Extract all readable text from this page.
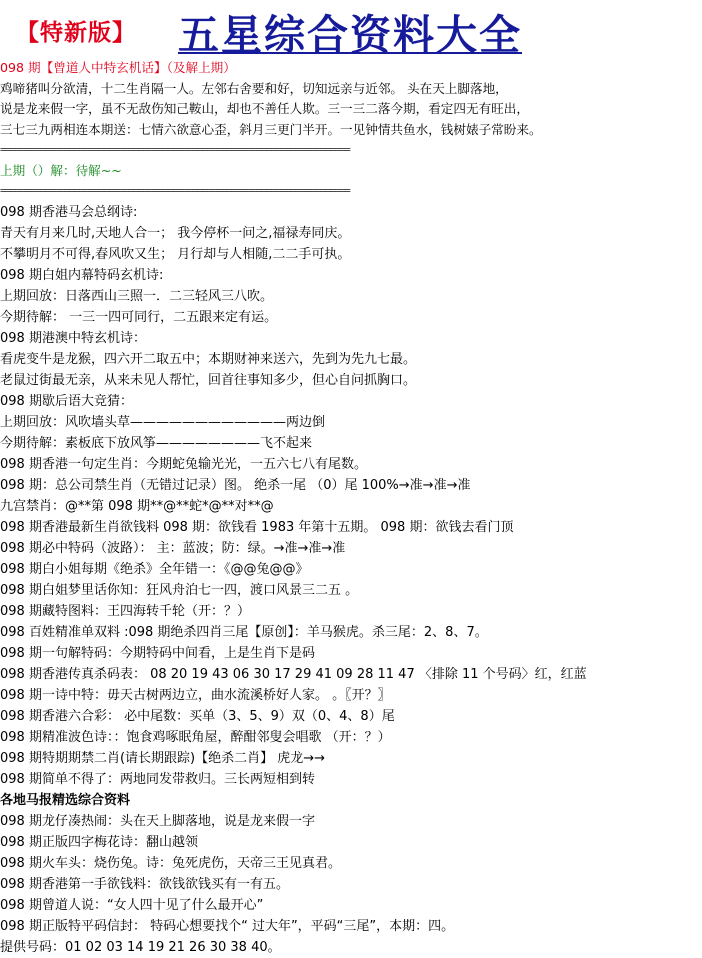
【特新版】 五星综合资料大全
098 期【曾道人中特玄机话】（及解上期）
鸡啼猪叫分欲清，十二生肖隔一人。左邻右舍要和好，切知远亲与近邻。 头在天上脚落地，
说是龙来假一字，虽不无敌伤知己鞍山，却也不善任人欺。三一三二落今期，看定四无有旺出，
三七三九两相连本期送：七情六欲意心歪，斜月三更门半开。一见钟情共鱼水，钱树婊子常盼来。
=======================================================================
上期（）解：待解~~
=======================================================================
098 期香港马会总纲诗:
青天有月来几时,天地人合一； 我今停杯一问之,福禄寿同庆。
不攀明月不可得,春风吹又生； 月行却与人相随,二二手可执。
098 期白姐内幕特码玄机诗:
上期回放：日落西山三照一．二三轻风三八吹。
今期待解： 一三一四可同行，二五跟来定有运。
098 期港澳中特玄机诗：
看虎变牛是龙猴，四六开二取五中；本期财神来送六，先到为先九七最。
老鼠过街最无亲，从来未见人帮忙，回首往事知多少，但心自问抓胸口。
098 期歇后语大竞猜：
上期回放：风吹墙头草————————————两边倒
今期待解：素板底下放风筝————————飞不起来
098 期香港一句定生肖：今期蛇兔输光光，一五六七八有尾数。
098 期：总公司禁生肖（无错过记录）图。 绝杀一尾 （0）尾 100%→准→准→准
九宫禁肖：@**第 098 期**@**蛇*@**对**@
098 期香港最新生肖欲钱料 098 期：欲钱看 1983 年第十五期。 098 期：欲钱去看门顶
098 期必中特码（波路）： 主：蓝波；防：绿。→准→准→准
098 期白小姐每期《绝杀》全年错一：《@@兔@@》
098 期白姐梦里话你知：狂风舟泊七一四，渡口风景三二五 。
098 期藏特图料：王四海转千轮（开：？）
098 百姓精准单双料 :098 期绝杀四肖三尾【原创】：羊马猴虎。杀三尾：2、8、7。
098 期一句解特码：今期特码中间看，上是生肖下是码
098 期香港传真杀码表： 08 20 19 43 06 30 17 29 41 09 28 11 47 〈排除 11 个号码〉红，红蓝
098 期一诗中特：毋天古树两边立，曲水流溪桥好人家。 。〖开？〗
098 期香港六合彩： 必中尾数：买单（3、5、9）双（0、4、8）尾
098 期精准波色诗：：饱食鸡啄眠角屋，醉酣邻叟会唱歌 （开：？）
098 期特期期禁二肖(请长期跟踪)【绝杀二肖】 虎龙→→
098 期简单不得了：两地同发带救归。三长两短相到转
各地马报精选综合资料
098 期龙仔凑热闹：头在天上脚落地，说是龙来假一字
098 期正版四字梅花诗：翻山越领
098 期火车头：烧伤兔。诗：兔死虎伤，天帝三王见真君。
098 期香港第一手欲钱料：欲钱欲钱买有一有五。
098 期曾道人说：“女人四十见了什么最开心”
098 期正版特平码信封： 特码心想要找个“ 过大年”，平码“三尾”，本期：四。
提供号码：01 02 03 14 19 21 26 30 38 40。
